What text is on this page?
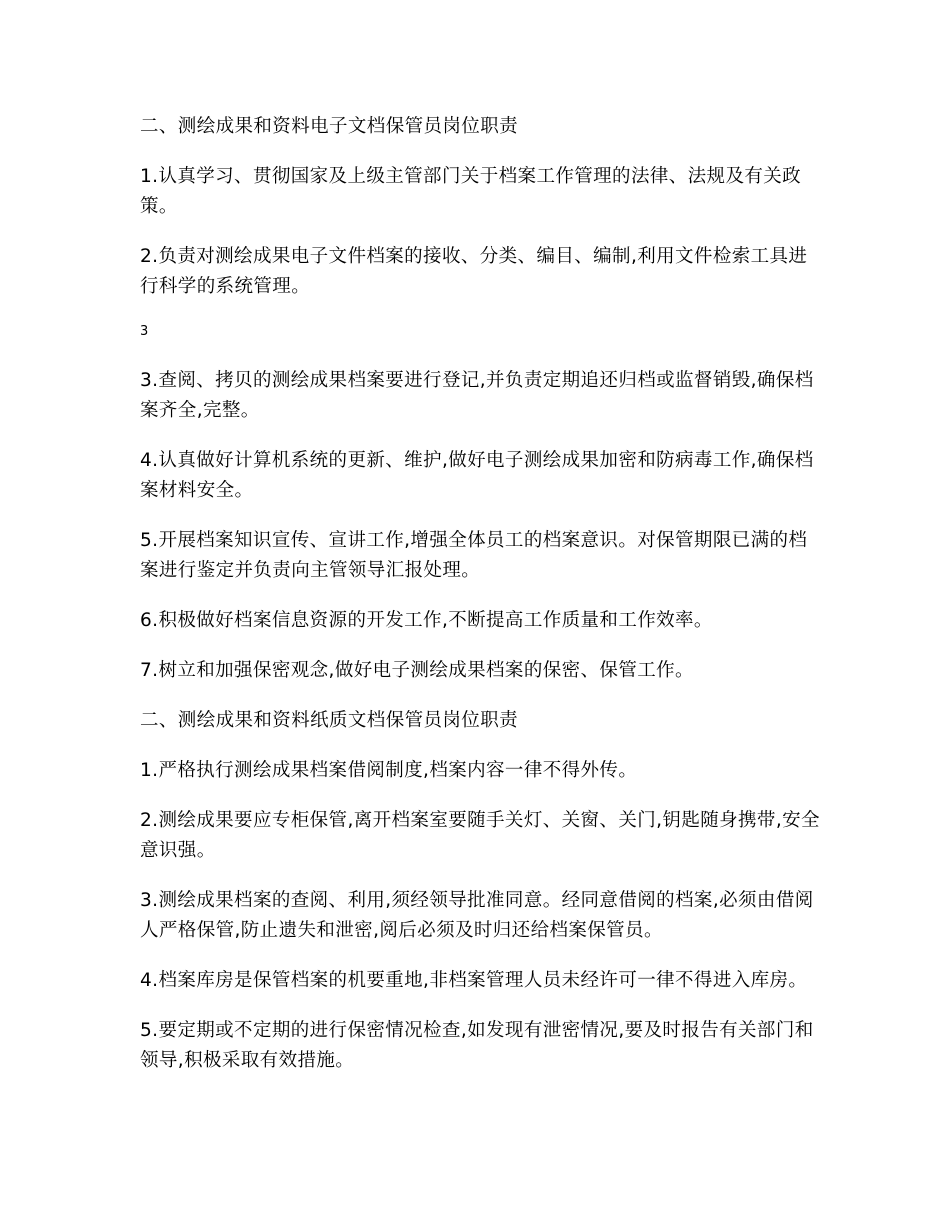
二、测绘成果和资料电子文档保管员岗位职责

1.认真学习、贯彻国家及上级主管部门关于档案工作管理的法律、法规及有关政策。

2.负责对测绘成果电子文件档案的接收、分类、编目、编制,利用文件检索工具进行科学的系统管理。

3

3.查阅、拷贝的测绘成果档案要进行登记,并负责定期追还归档或监督销毁,确保档案齐全,完整。

4.认真做好计算机系统的更新、维护,做好电子测绘成果加密和防病毒工作,确保档案材料安全。

5.开展档案知识宣传、宣讲工作,增强全体员工的档案意识。对保管期限已满的档案进行鉴定并负责向主管领导汇报处理。

6.积极做好档案信息资源的开发工作,不断提高工作质量和工作效率。

7.树立和加强保密观念,做好电子测绘成果档案的保密、保管工作。

二、测绘成果和资料纸质文档保管员岗位职责

1.严格执行测绘成果档案借阅制度,档案内容一律不得外传。

2.测绘成果要应专柜保管,离开档案室要随手关灯、关窗、关门,钥匙随身携带,安全意识强。

3.测绘成果档案的查阅、利用,须经领导批准同意。经同意借阅的档案,必须由借阅人严格保管,防止遗失和泄密,阅后必须及时归还给档案保管员。

4.档案库房是保管档案的机要重地,非档案管理人员未经许可一律不得进入库房。

5.要定期或不定期的进行保密情况检查,如发现有泄密情况,要及时报告有关部门和领导,积极采取有效措施。
